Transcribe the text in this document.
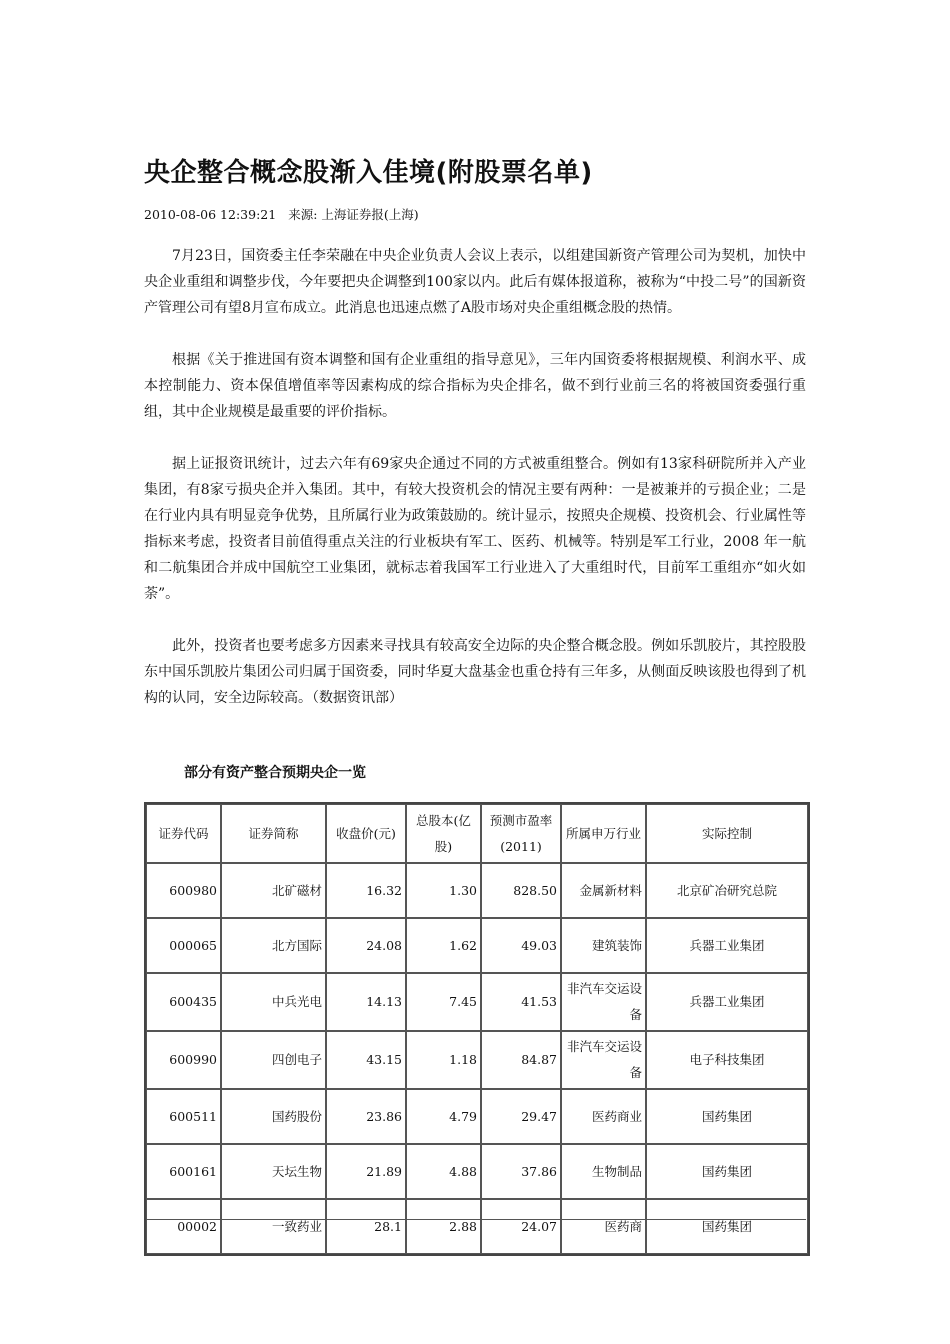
央企整合概念股渐入佳境(附股票名单)
2010-08-06 12:39:21 来源: 上海证券报(上海)

7月23日，国资委主任李荣融在中央企业负责人会议上表示，以组建国新资产管理公司为契机，加快中央企业重组和调整步伐，今年要把央企调整到100家以内。此后有媒体报道称，被称为“中投二号”的国新资产管理公司有望8月宣布成立。此消息也迅速点燃了A股市场对央企重组概念股的热情。

根据《关于推进国有资本调整和国有企业重组的指导意见》，三年内国资委将根据规模、利润水平、成本控制能力、资本保值增值率等因素构成的综合指标为央企排名，做不到行业前三名的将被国资委强行重组，其中企业规模是最重要的评价指标。

据上证报资讯统计，过去六年有69家央企通过不同的方式被重组整合。例如有13家科研院所并入产业集团，有8家亏损央企并入集团。其中，有较大投资机会的情况主要有两种：一是被兼并的亏损企业；二是在行业内具有明显竞争优势，且所属行业为政策鼓励的。统计显示，按照央企规模、投资机会、行业属性等指标来考虑，投资者目前值得重点关注的行业板块有军工、医药、机械等。特别是军工行业，2008 年一航和二航集团合并成中国航空工业集团，就标志着我国军工行业进入了大重组时代，目前军工重组亦“如火如荼”。

此外，投资者也要考虑多方因素来寻找具有较高安全边际的央企整合概念股。例如乐凯胶片，其控股股东中国乐凯胶片集团公司归属于国资委，同时华夏大盘基金也重仓持有三年多，从侧面反映该股也得到了机构的认同，安全边际较高。（数据资讯部）

部分有资产整合预期央企一览
证券代码	证券简称	收盘价(元)	总股本(亿股)	预测市盈率(2011)	所属申万行业	实际控制
600980	北矿磁材	16.32	1.30	828.50	金属新材料	北京矿冶研究总院
000065	北方国际	24.08	1.62	49.03	建筑装饰	兵器工业集团
600435	中兵光电	14.13	7.45	41.53	非汽车交运设备	兵器工业集团
600990	四创电子	43.15	1.18	84.87	非汽车交运设备	电子科技集团
600511	国药股份	23.86	4.79	29.47	医药商业	国药集团
600161	天坛生物	21.89	4.88	37.86	生物制品	国药集团
00002	一致药业	28.1	2.88	24.07	医药商	国药集团
